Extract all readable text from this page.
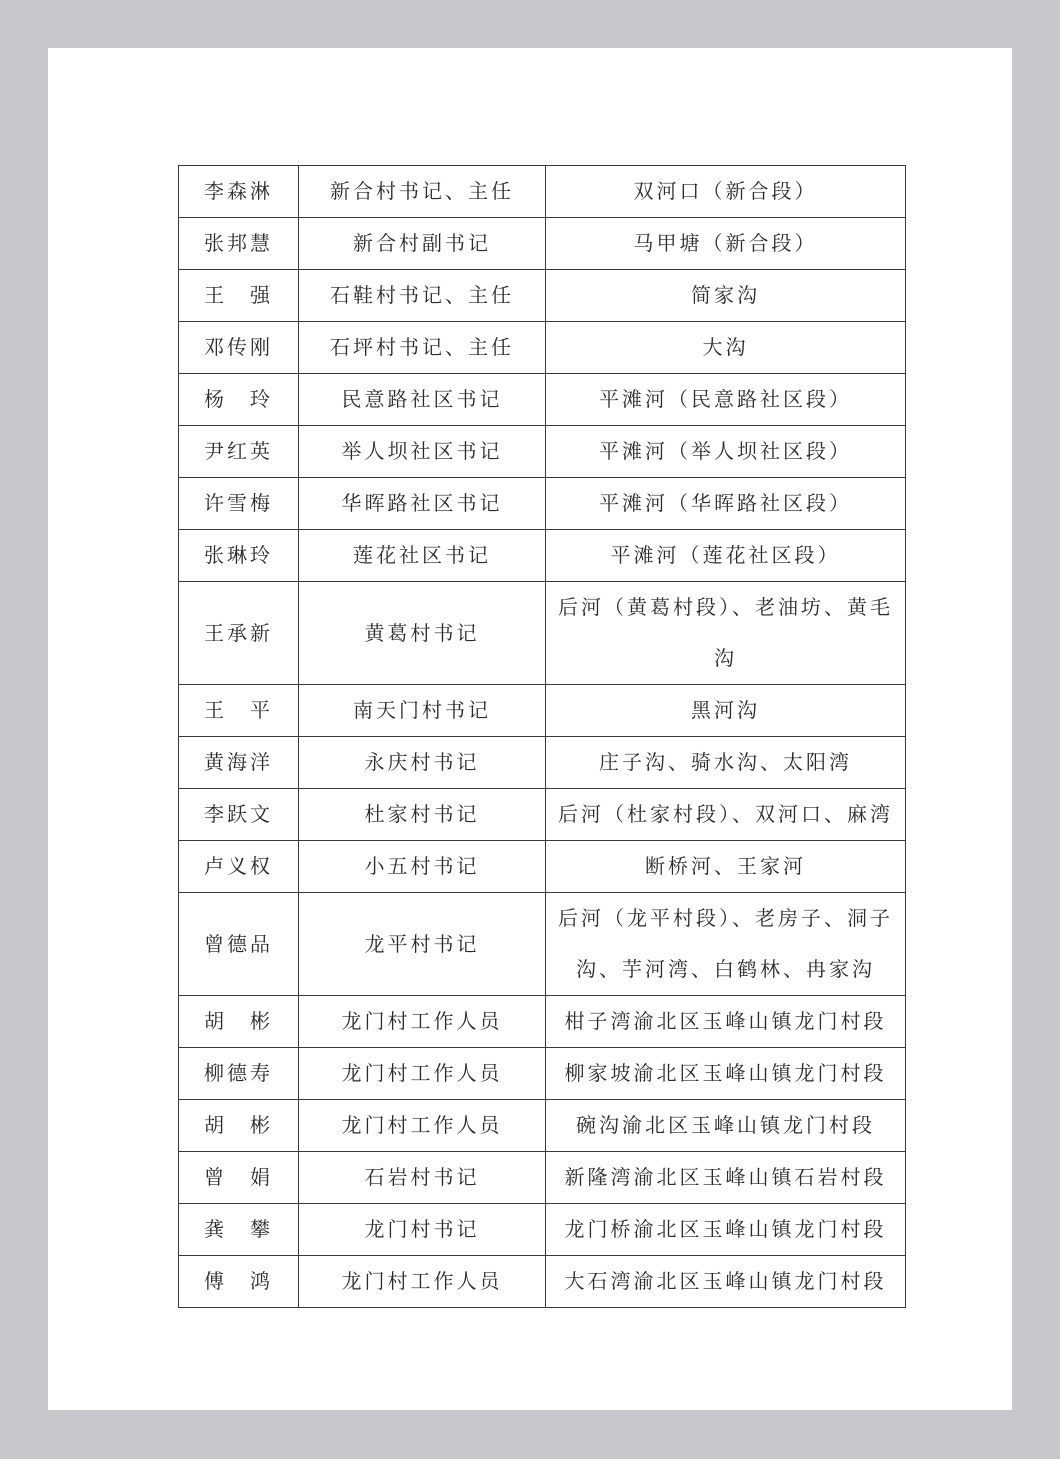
李森淋	新合村书记、主任	双河口（新合段）
张邦慧	新合村副书记	马甲塘（新合段）
王　强	石鞋村书记、主任	简家沟
邓传刚	石坪村书记、主任	大沟
杨　玲	民意路社区书记	平滩河（民意路社区段）
尹红英	举人坝社区书记	平滩河（举人坝社区段）
许雪梅	华晖路社区书记	平滩河（华晖路社区段）
张琳玲	莲花社区书记	平滩河（莲花社区段）
王承新	黄葛村书记	后河（黄葛村段）、老油坊、黄毛沟
王　平	南天门村书记	黑河沟
黄海洋	永庆村书记	庄子沟、骑水沟、太阳湾
李跃文	杜家村书记	后河（杜家村段）、双河口、麻湾
卢义权	小五村书记	断桥河、王家河
曾德品	龙平村书记	后河（龙平村段）、老房子、洞子沟、芋河湾、白鹤林、冉家沟
胡　彬	龙门村工作人员	柑子湾渝北区玉峰山镇龙门村段
柳德寿	龙门村工作人员	柳家坡渝北区玉峰山镇龙门村段
胡　彬	龙门村工作人员	碗沟渝北区玉峰山镇龙门村段
曾　娟	石岩村书记	新隆湾渝北区玉峰山镇石岩村段
龚　攀	龙门村书记	龙门桥渝北区玉峰山镇龙门村段
傅　鸿	龙门村工作人员	大石湾渝北区玉峰山镇龙门村段
